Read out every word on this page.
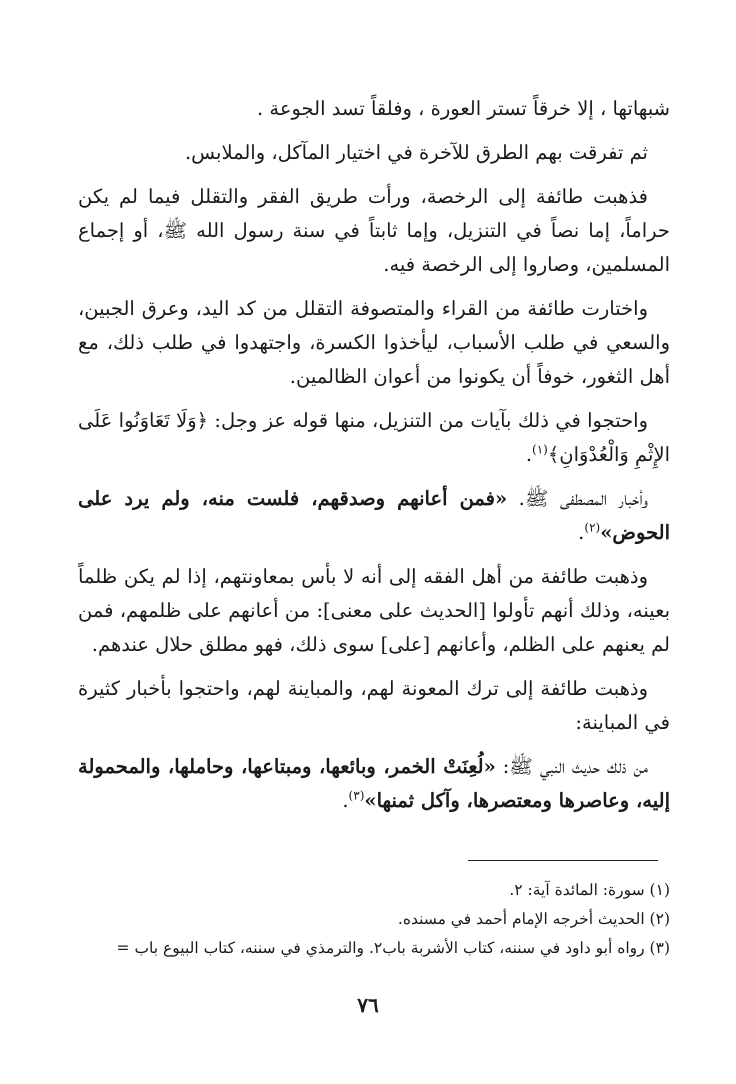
شبهاتها ، إلا خرقاً تستر العورة ، وفلقاً تسد الجوعة .

ثم تفرقت بهم الطرق للآخرة في اختيار المآكل، والملابس.

فذهبت طائفة إلى الرخصة، ورأت طريق الفقر والتقلل فيما لم يكن حراماً، إما نصاً في التنزيل، وإما ثابتاً في سنة رسول الله ﷺ، أو إجماع المسلمين، وصاروا إلى الرخصة فيه.

واختارت طائفة من القراء والمتصوفة التقلل من كد اليد، وعرق الجبين، والسعي في طلب الأسباب، ليأخذوا الكسرة، واجتهدوا في طلب ذلك، مع أهل الثغور، خوفاً أن يكونوا من أعوان الظالمين.

واحتجوا في ذلك بآيات من التنزيل، منها قوله عز وجل: ﴿وَلَا تَعَاوَنُوا عَلَى الإِثْمِ وَالْعُدْوَانِ﴾$^{(١)}$.

وأخبار المصطفى ﷺ. «فمن أعانهم وصدقهم، فلست منه، ولم يرد على الحوض»$^{(٢)}$.

وذهبت طائفة من أهل الفقه إلى أنه لا بأس بمعاونتهم، إذا لم يكن ظلماً بعينه، وذلك أنهم تأولوا [الحديث على معنى]: من أعانهم على ظلمهم، فمن لم يعنهم على الظلم، وأعانهم [على] سوى ذلك، فهو مطلق حلال عندهم.

وذهبت طائفة إلى ترك المعونة لهم، والمباينة لهم، واحتجوا بأخبار كثيرة في المباينة:

من ذلك حديث النبي ﷺ: «لُعِنَتْ الخمر، وبائعها، ومبتاعها، وحاملها، والمحمولة إليه، وعاصرها ومعتصرها، وآكل ثمنها»$^{(٣)}$.

(١) سورة: المائدة آية: ٢.
(٢) الحديث أخرجه الإمام أحمد في مسنده.
(٣) رواه أبو داود في سننه، كتاب الأشربة باب٢. والترمذي في سننه، كتاب البيوع باب =
٧٦
